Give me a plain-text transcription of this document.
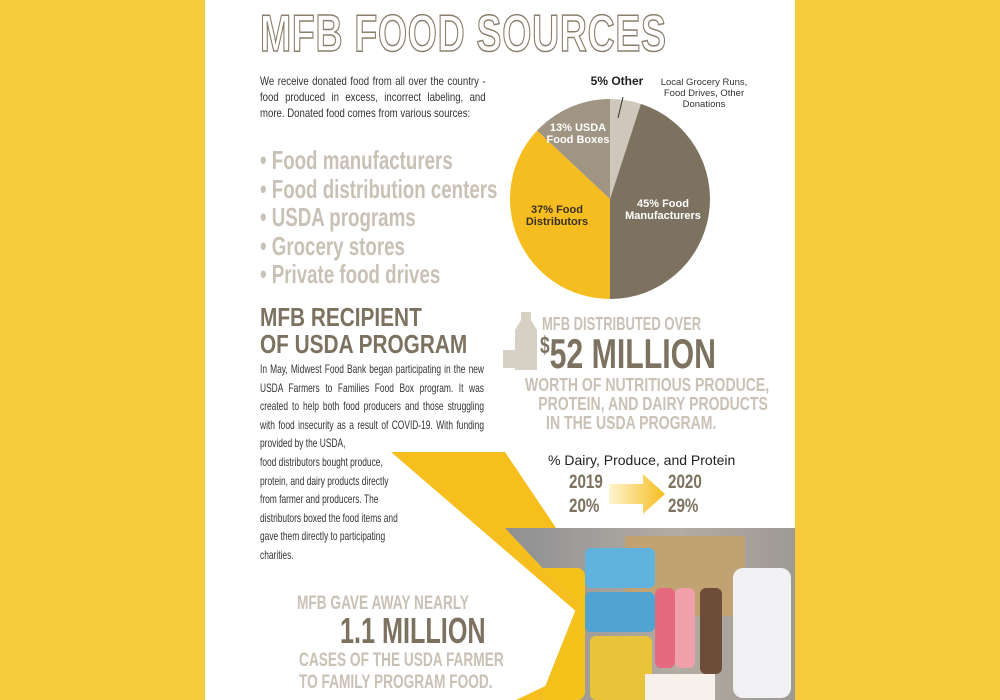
MFB FOOD SOURCES
We receive donated food from all over the country - food produced in excess, incorrect labeling, and more. Donated food comes from various sources:
• Food manufacturers
• Food distribution centers
• USDA programs
• Grocery stores
• Private food drives
5% Other	Local Grocery Runs,
Food Drives, Other
Donations
45% Food
Manufacturers
37% Food
Distributors
13% USDA
Food Boxes
MFB RECIPIENT
OF USDA PROGRAM
In May, Midwest Food Bank began participating in the new USDA Farmers to Families Food Box program. It was created to help both food producers and those struggling with food insecurity as a result of COVID-19. With funding provided by the USDA,
food distributors bought produce, protein, and dairy products directly from farmer and producers. The distributors boxed the food items and gave them directly to participating charities.
MFB DISTRIBUTED OVER
$52 MILLION
WORTH OF NUTRITIOUS PRODUCE,
PROTEIN, AND DAIRY PRODUCTS
IN THE USDA PROGRAM.
% Dairy, Produce, and Protein
2019
20%
2020
29%
MFB GAVE AWAY NEARLY
1.1 MILLION
CASES OF THE USDA FARMER
TO FAMILY PROGRAM FOOD.
